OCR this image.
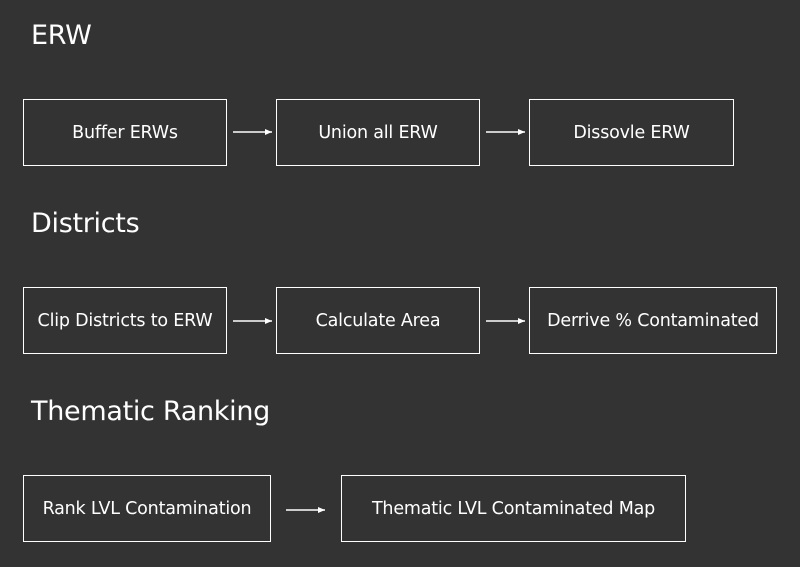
ERW
Buffer ERWs	Union all ERW	Dissovle ERW
Districts
Clip Districts to ERW	Calculate Area	Derrive % Contaminated
Thematic Ranking
Rank LVL Contamination	Thematic LVL Contaminated Map
